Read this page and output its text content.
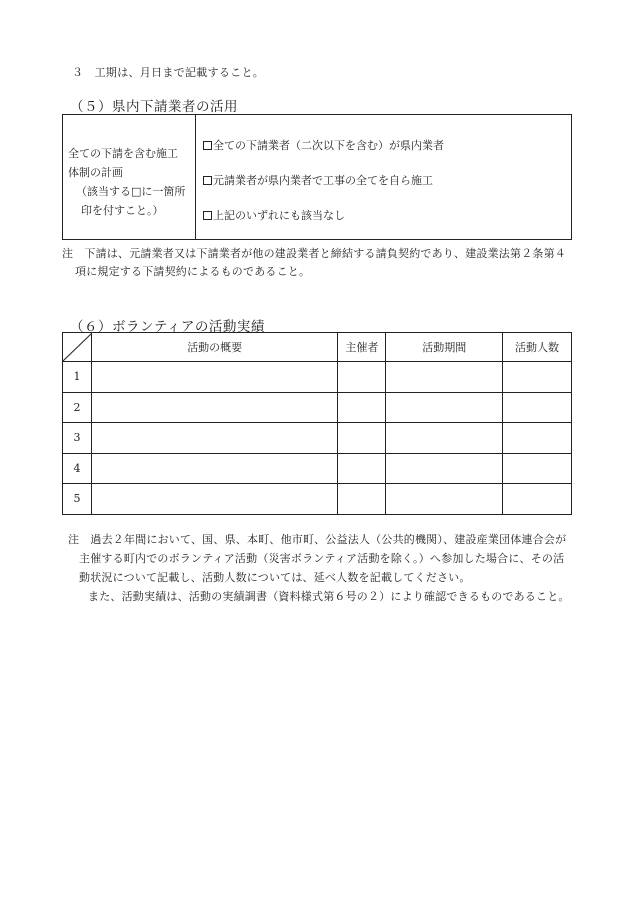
３　工期は、月日まで記載すること。
（５）県内下請業者の活用
全ての下請を含む施工
体制の計画
（該当する□に一箇所
印を付すこと。）
全ての下請業者（二次以下を含む）が県内業者
元請業者が県内業者で工事の全てを自ら施工
上記のいずれにも該当なし
注　下請は、元請業者又は下請業者が他の建設業者と締結する請負契約であり、建設業法第２条第４
項に規定する下請契約によるものであること。
（６）ボランティアの活動実績
	活動の概要	主催者	活動期間	活動人数
1				
2				
3				
4				
5				
注　過去２年間において、国、県、本町、他市町、公益法人（公共的機関）、建設産業団体連合会が
主催する町内でのボランティア活動（災害ボランティア活動を除く。）へ参加した場合に、その活
動状況について記載し、活動人数については、延べ人数を記載してください。
また、活動実績は、活動の実績調書（資料様式第６号の２）により確認できるものであること。
